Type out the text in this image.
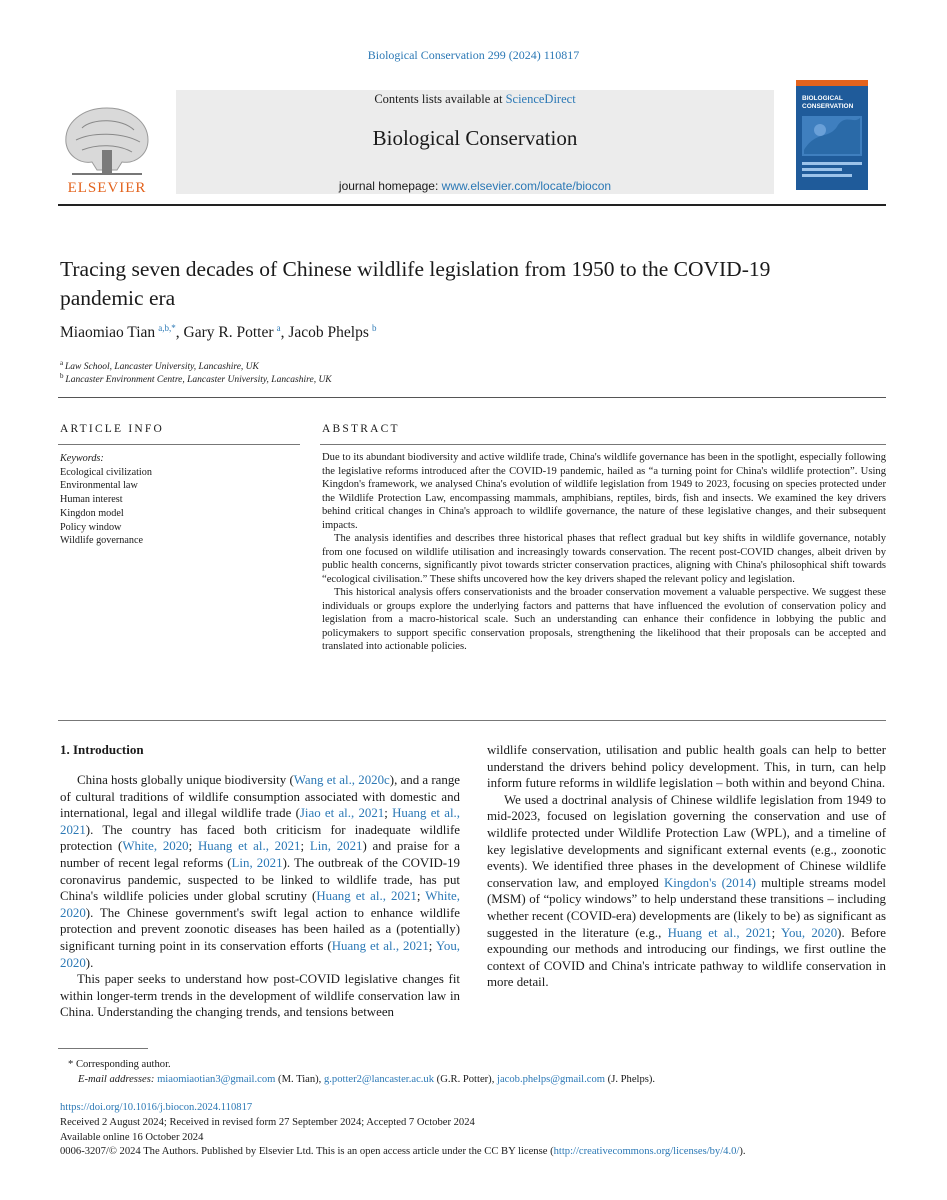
Biological Conservation 299 (2024) 110817
ELSEVIER
Contents lists available at ScienceDirect
Biological Conservation
journal homepage: www.elsevier.com/locate/biocon
BIOLOGICAL
CONSERVATION
Tracing seven decades of Chinese wildlife legislation from 1950 to the COVID-19 pandemic era
Miaomiao Tian  $^{a,b,*}$, Gary R. Potter  $^a$, Jacob Phelps  $^b$
$^a$  Law School, Lancaster University, Lancashire, UK
$^b$  Lancaster Environment Centre, Lancaster University, Lancashire, UK
ARTICLE INFO	ABSTRACT
Keywords:
Ecological civilization
Environmental law
Human interest
Kingdon model
Policy window
Wildlife governance

Due to its abundant biodiversity and active wildlife trade, China's wildlife governance has been in the spotlight, especially following the legislative reforms introduced after the COVID-19 pandemic, hailed as “a turning point for China's wildlife protection”. Using Kingdon's framework, we analysed China's evolution of wildlife legislation from 1949 to 2023, focusing on species protected under the Wildlife Protection Law, encompassing mammals, amphibians, reptiles, birds, fish and insects. We examined the key drivers behind critical changes in China's approach to wildlife governance, the nature of these legislative changes, and their subsequent impacts.

The analysis identifies and describes three historical phases that reflect gradual but key shifts in wildlife governance, notably from one focused on wildlife utilisation and increasingly towards conservation. The recent post-COVID changes, albeit driven by public health concerns, significantly pivot towards stricter conservation practices, aligning with China's philosophical shift towards “ecological civilisation.” These shifts uncovered how the key drivers shaped the relevant policy and legislation.

This historical analysis offers conservationists and the broader conservation movement a valuable perspective. We suggest these individuals or groups explore the underlying factors and patterns that have influenced the evolution of conservation policy and legislation from a macro-historical scale. Such an understanding can enhance their confidence in lobbying the public and policymakers to support specific conservation proposals, strengthening the likelihood that their proposals can be accepted and translated into actionable policies.

1. Introduction

China hosts globally unique biodiversity (Wang et al., 2020c), and a range of cultural traditions of wildlife consumption associated with domestic and international, legal and illegal wildlife trade (Jiao et al., 2021; Huang et al., 2021). The country has faced both criticism for inadequate wildlife protection (White, 2020; Huang et al., 2021; Lin, 2021) and praise for a number of recent legal reforms (Lin, 2021). The outbreak of the COVID-19 coronavirus pandemic, suspected to be linked to wildlife trade, has put China's wildlife policies under global scrutiny (Huang et al., 2021; White, 2020). The Chinese government's swift legal action to enhance wildlife protection and prevent zoonotic diseases has been hailed as a (potentially) significant turning point in its conservation efforts (Huang et al., 2021; You, 2020).

This paper seeks to understand how post-COVID legislative changes fit within longer-term trends in the development of wildlife conservation law in China. Understanding the changing trends, and tensions between

wildlife conservation, utilisation and public health goals can help to better understand the drivers behind policy development. This, in turn, can help inform future reforms in wildlife legislation – both within and beyond China.

We used a doctrinal analysis of Chinese wildlife legislation from 1949 to mid-2023, focused on legislation governing the conservation and use of wildlife protected under Wildlife Protection Law (WPL), and a timeline of key legislative developments and significant external events (e.g., zoonotic events). We identified three phases in the development of Chinese wildlife conservation law, and employed Kingdon's (2014) multiple streams model (MSM) of “policy windows” to help understand these transitions – including whether recent (COVID-era) developments are (likely to be) as significant as suggested in the literature (e.g., Huang et al., 2021; You, 2020). Before expounding our methods and introducing our findings, we first outline the context of COVID and China's intricate pathway to wildlife conservation in more detail.

* Corresponding author.
E-mail addresses: miaomiaotian3@gmail.com (M. Tian), g.potter2@lancaster.ac.uk (G.R. Potter), jacob.phelps@gmail.com (J. Phelps).
https://doi.org/10.1016/j.biocon.2024.110817
Received 2 August 2024; Received in revised form 27 September 2024; Accepted 7 October 2024
Available online 16 October 2024
0006-3207/© 2024 The Authors. Published by Elsevier Ltd. This is an open access article under the CC BY license (http://creativecommons.org/licenses/by/4.0/).
